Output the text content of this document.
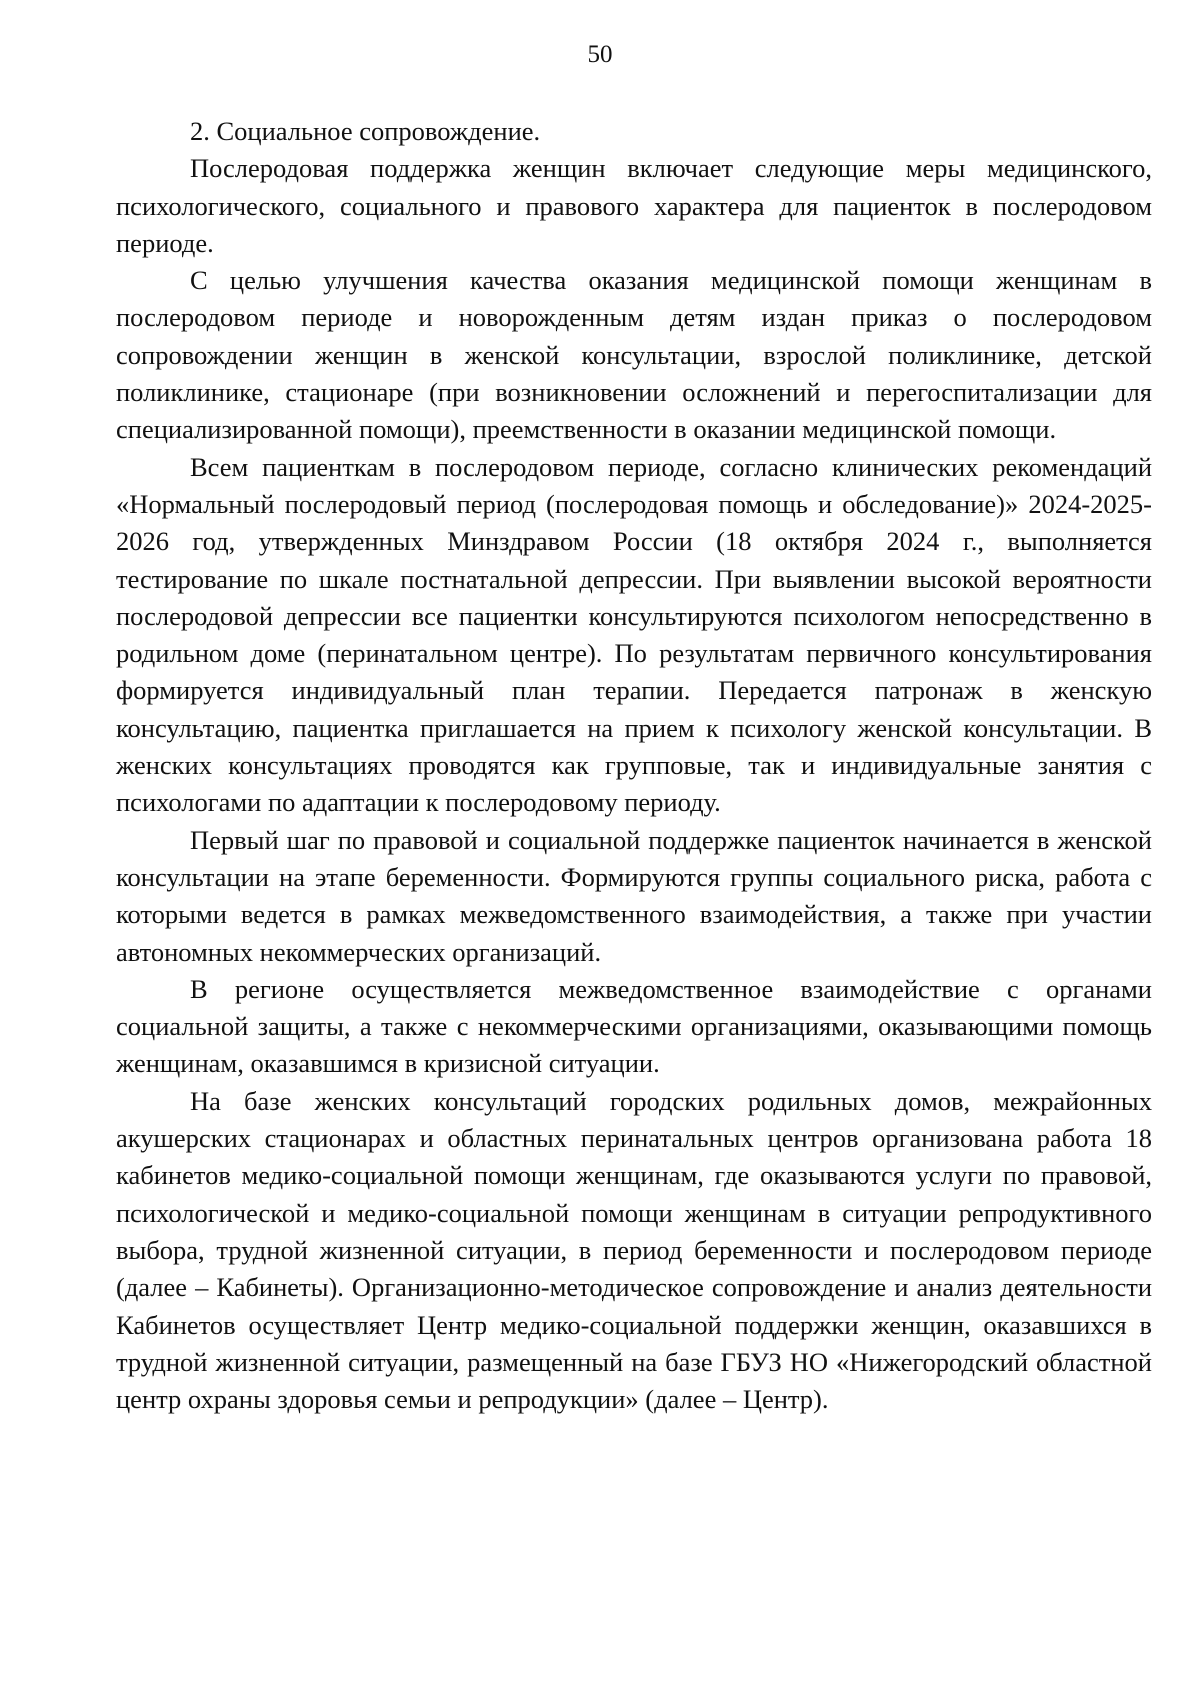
50

2. Социальное сопровождение.

Послеродовая поддержка женщин включает следующие меры медицинского, психологического, социального и правового характера для пациенток в послеродовом периоде.

С целью улучшения качества оказания медицинской помощи женщинам в послеродовом периоде и новорожденным детям издан приказ о послеродовом сопровождении женщин в женской консультации, взрослой поликлинике, детской поликлинике, стационаре (при возникновении осложнений и перегоспитализации для специализированной помощи), преемственности в оказании медицинской помощи.

Всем пациенткам в послеродовом периоде, согласно клинических рекомендаций «Нормальный послеродовый период (послеродовая помощь и обследование)» 2024-2025-2026 год, утвержденных Минздравом России (18 октября 2024 г., выполняется тестирование по шкале постнатальной депрессии. При выявлении высокой вероятности послеродовой депрессии все пациентки консультируются психологом непосредственно в родильном доме (перинатальном центре). По результатам первичного консультирования формируется индивидуальный план терапии. Передается патронаж в женскую консультацию, пациентка приглашается на прием к психологу женской консультации. В женских консультациях проводятся как групповые, так и индивидуальные занятия с психологами по адаптации к послеродовому периоду.

Первый шаг по правовой и социальной поддержке пациенток начинается в женской консультации на этапе беременности. Формируются группы социального риска, работа с которыми ведется в рамках межведомственного взаимодействия, а также при участии автономных некоммерческих организаций.

В регионе осуществляется межведомственное взаимодействие с органами социальной защиты, а также с некоммерческими организациями, оказывающими помощь женщинам, оказавшимся в кризисной ситуации.

На базе женских консультаций городских родильных домов, межрайонных акушерских стационарах и областных перинатальных центров организована работа 18 кабинетов медико-социальной помощи женщинам, где оказываются услуги по правовой, психологической и медико-социальной помощи женщинам в ситуации репродуктивного выбора, трудной жизненной ситуации, в период беременности и послеродовом периоде (далее – Кабинеты). Организационно-методическое сопровождение и анализ деятельности Кабинетов осуществляет Центр медико-социальной поддержки женщин, оказавшихся в трудной жизненной ситуации, размещенный на базе ГБУЗ НО «Нижегородский областной центр охраны здоровья семьи и репродукции» (далее – Центр).
